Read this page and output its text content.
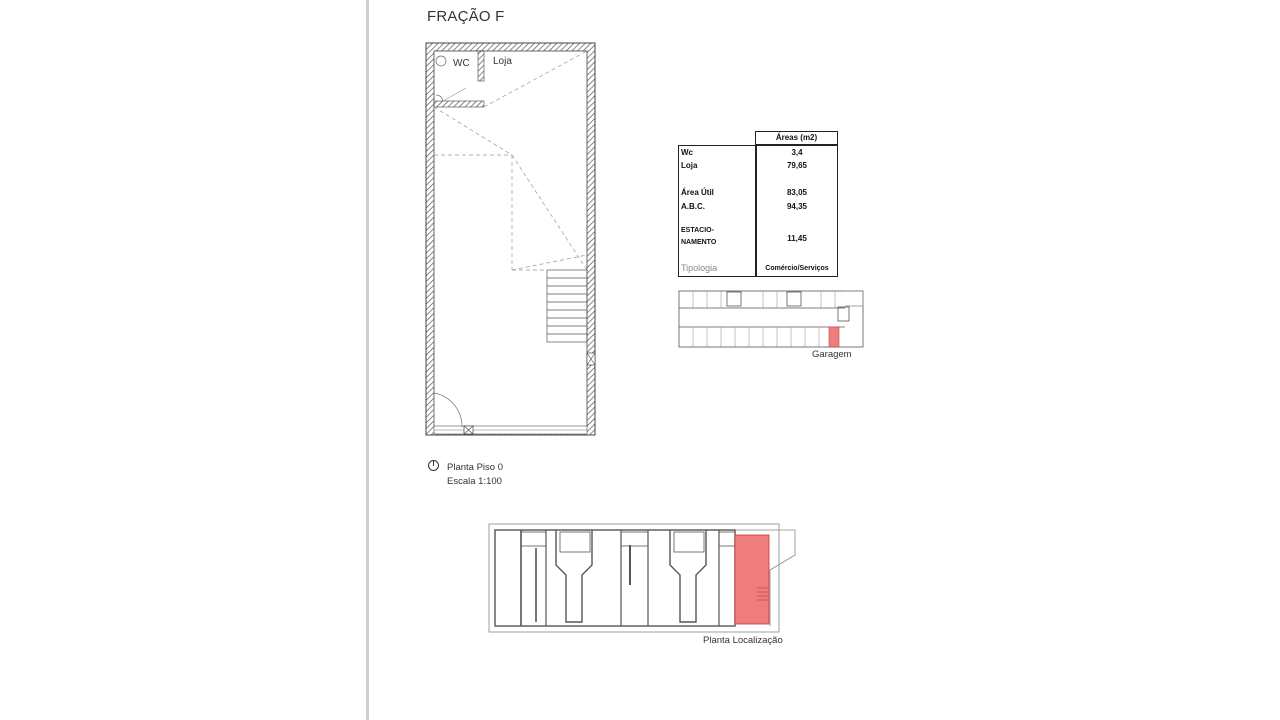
FRAÇÃO F
WC Loja
Áreas (m2)
Wc	3,4
Loja	79,65
Área Útil	83,05
A.B.C.	94,35
ESTACIO-
NAMENTO	11,45
Tipologia	Comércio/Serviços
Planta Piso 0
Escala 1:100
Garagem
Planta Localização
